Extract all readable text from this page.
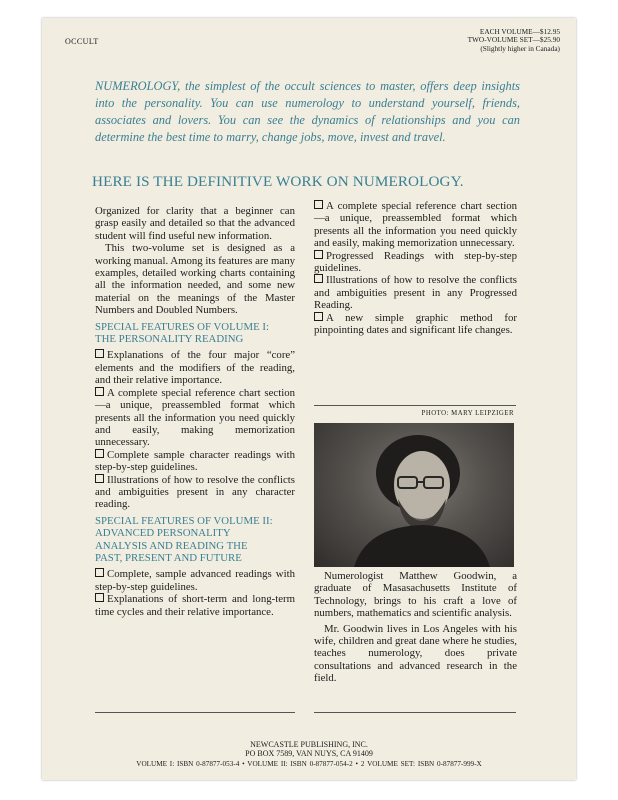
OCCULT
EACH VOLUME—$12.95
TWO-VOLUME SET—$25.90
(Slightly higher in Canada)

NUMEROLOGY, the simplest of the occult sciences to master, offers deep insights into the personality. You can use numerology to understand yourself, friends, associates and lovers. You can see the dynamics of relationships and you can determine the best time to marry, change jobs, move, invest and travel.

HERE IS THE DEFINITIVE WORK ON NUMEROLOGY.

Organized for clarity that a beginner can grasp easily and detailed so that the advanced student will find useful new information.

This two-volume set is designed as a working manual. Among its features are many examples, detailed working charts containing all the information needed, and some new material on the meanings of the Master Numbers and Doubled Numbers.

SPECIAL FEATURES OF VOLUME I:
THE PERSONALITY READING

Explanations of the four major “core” elements and the modifiers of the reading, and their relative importance.

A complete special reference chart section—a unique, preassembled format which presents all the information you need quickly and easily, making memorization unnecessary.

Complete sample character readings with step-by-step guidelines.

Illustrations of how to resolve the conflicts and ambiguities present in any character reading.

SPECIAL FEATURES OF VOLUME II:
ADVANCED PERSONALITY
ANALYSIS AND READING THE
PAST, PRESENT AND FUTURE

Complete, sample advanced readings with step-by-step guidelines.

Explanations of short-term and long-term time cycles and their relative importance.

A complete special reference chart section—a unique, preassembled format which presents all the information you need quickly and easily, making memorization unnecessary.

Progressed Readings with step-by-step guidelines.

Illustrations of how to resolve the conflicts and ambiguities present in any Progressed Reading.

A new simple graphic method for pinpointing dates and significant life changes.

PHOTO: MARY LEIPZIGER

Numerologist Matthew Goodwin, a graduate of Masasachusetts Institute of Technology, brings to his craft a love of numbers, mathematics and scientific analysis.

Mr. Goodwin lives in Los Angeles with his wife, children and great dane where he studies, teaches numerology, does private consultations and advanced research in the field.

NEWCASTLE PUBLISHING, INC.
PO BOX 7589, VAN NUYS, CA 91409
VOLUME I: ISBN 0-87877-053-4 • VOLUME II: ISBN 0-87877-054-2 • 2 VOLUME SET: ISBN 0-87877-999-X
